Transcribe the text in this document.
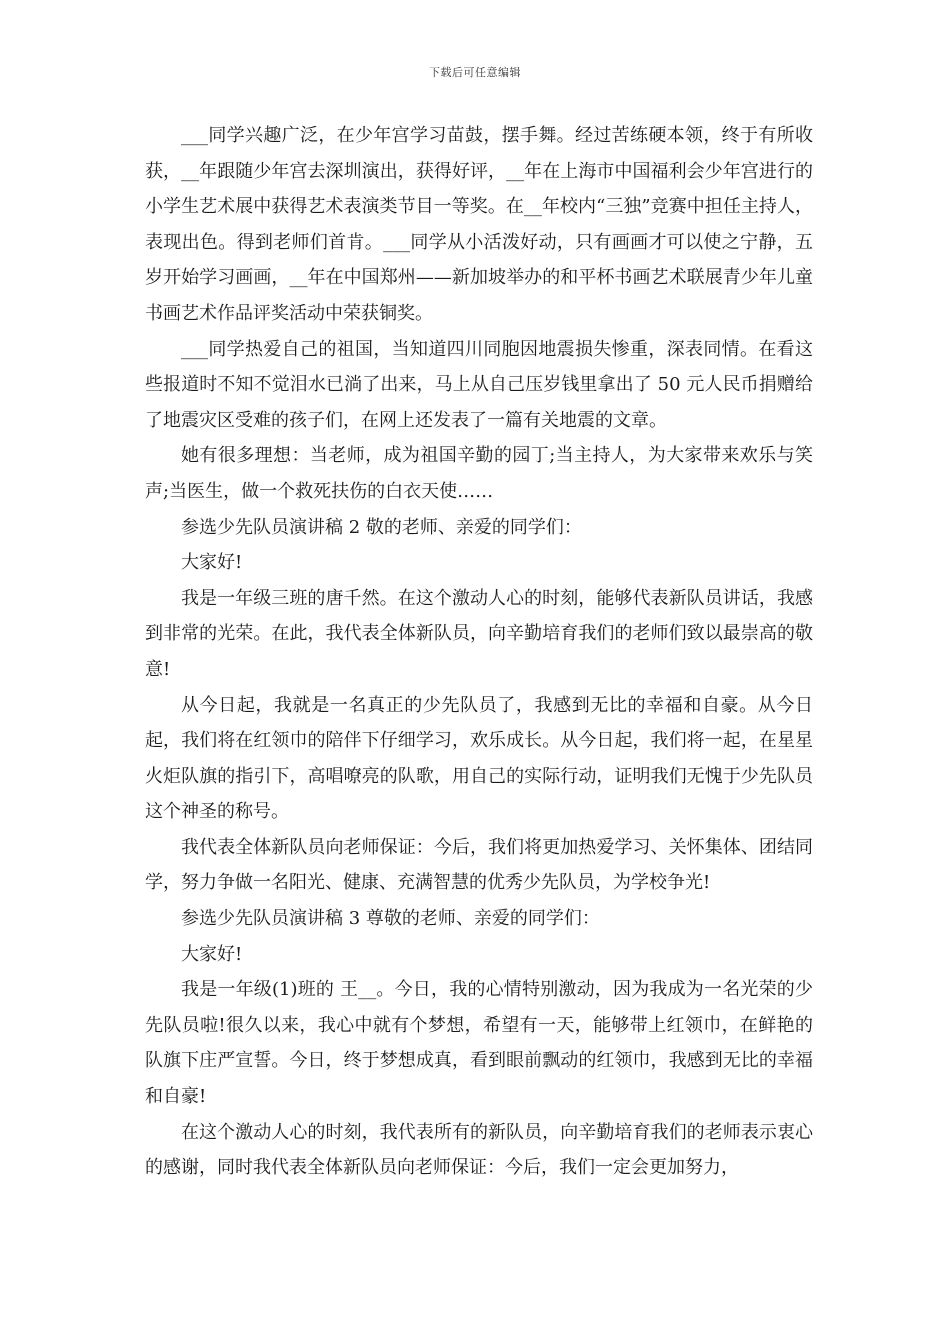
下载后可任意编辑

___同学兴趣广泛，在少年宫学习苗鼓，摆手舞。经过苦练硬本领，终于有所收获，__年跟随少年宫去深圳演出，获得好评，__年在上海市中国福利会少年宫进行的小学生艺术展中获得艺术表演类节目一等奖。在__年校内“三独”竞赛中担任主持人，表现出色。得到老师们首肯。___同学从小活泼好动，只有画画才可以使之宁静，五岁开始学习画画，__年在中国郑州——新加坡举办的和平杯书画艺术联展青少年儿童书画艺术作品评奖活动中荣获铜奖。

___同学热爱自己的祖国，当知道四川同胞因地震损失惨重，深表同情。在看这些报道时不知不觉泪水已淌了出来，马上从自己压岁钱里拿出了 50 元人民币捐赠给了地震灾区受难的孩子们，在网上还发表了一篇有关地震的文章。

她有很多理想：当老师，成为祖国辛勤的园丁;当主持人，为大家带来欢乐与笑声;当医生，做一个救死扶伤的白衣天使……

参选少先队员演讲稿 2 敬的老师、亲爱的同学们：

大家好!

我是一年级三班的唐千然。在这个激动人心的时刻，能够代表新队员讲话，我感到非常的光荣。在此，我代表全体新队员，向辛勤培育我们的老师们致以最崇高的敬意!

从今日起，我就是一名真正的少先队员了，我感到无比的幸福和自豪。从今日起，我们将在红领巾的陪伴下仔细学习，欢乐成长。从今日起，我们将一起，在星星火炬队旗的指引下，高唱嘹亮的队歌，用自己的实际行动，证明我们无愧于少先队员这个神圣的称号。

我代表全体新队员向老师保证：今后，我们将更加热爱学习、关怀集体、团结同学，努力争做一名阳光、健康、充满智慧的优秀少先队员，为学校争光!

参选少先队员演讲稿 3 尊敬的老师、亲爱的同学们：

大家好!

我是一年级(1)班的 王__。今日，我的心情特别激动，因为我成为一名光荣的少先队员啦!很久以来，我心中就有个梦想，希望有一天，能够带上红领巾，在鲜艳的队旗下庄严宣誓。今日，终于梦想成真，看到眼前飘动的红领巾，我感到无比的幸福和自豪!

在这个激动人心的时刻，我代表所有的新队员，向辛勤培育我们的老师表示衷心的感谢，同时我代表全体新队员向老师保证：今后，我们一定会更加努力，
